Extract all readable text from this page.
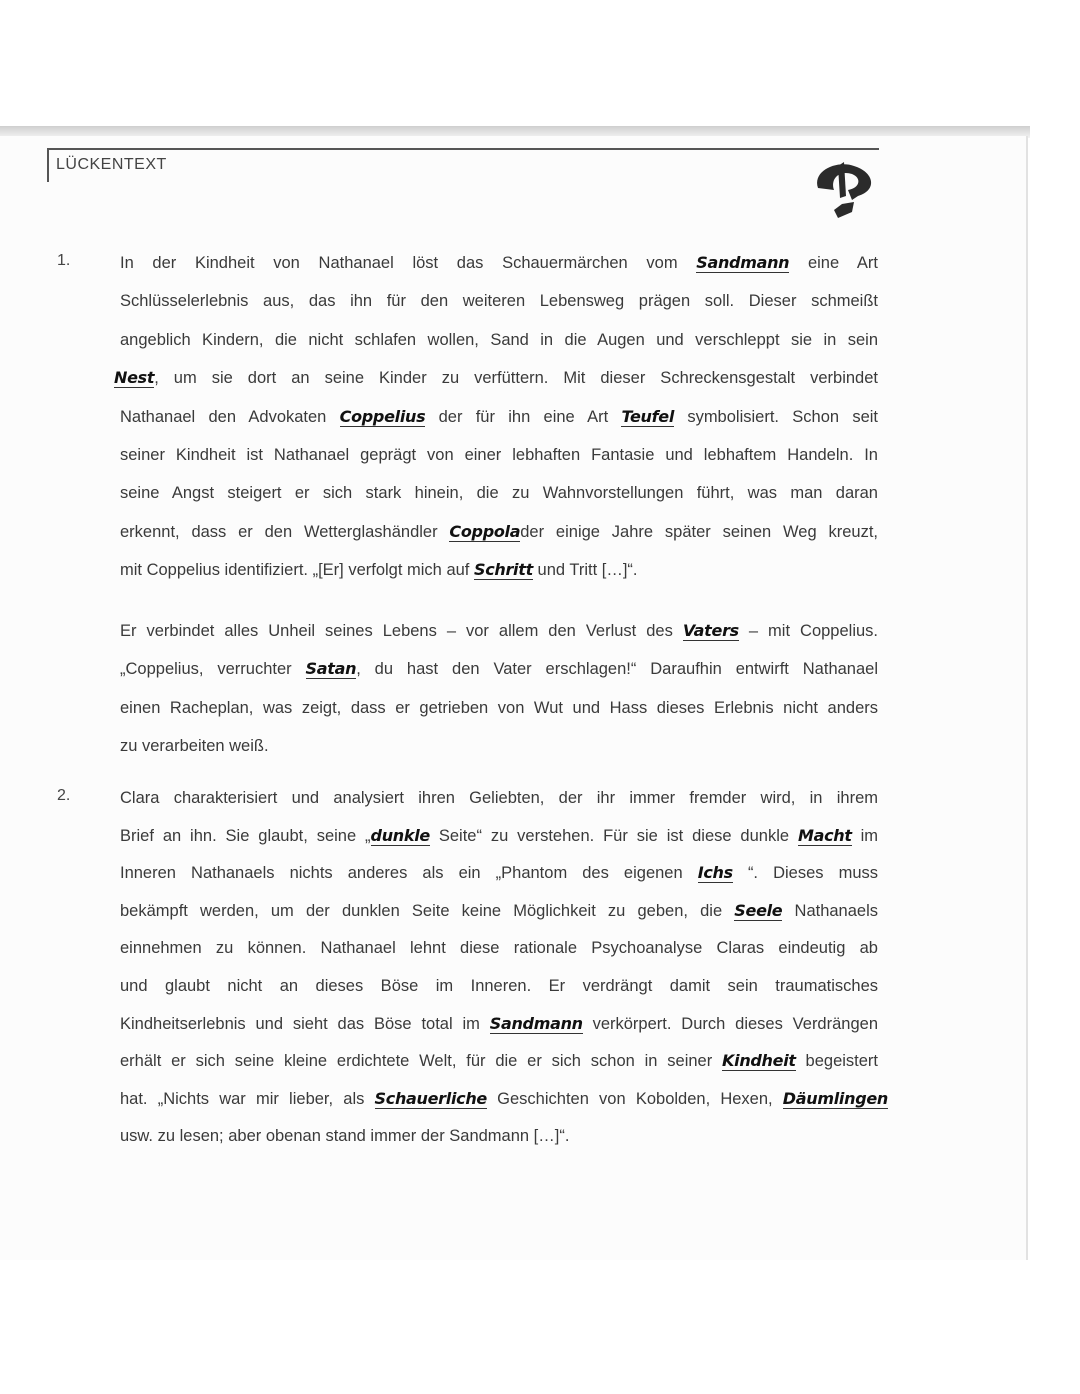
LÜCKENTEXT
1.	In der Kindheit von Nathanael löst das Schauermärchen vom Sandmann eine Art
Schlüsselerlebnis aus, das ihn für den weiteren Lebensweg prägen soll. Dieser schmeißt
angeblich Kindern, die nicht schlafen wollen, Sand in die Augen und verschleppt sie in sein
Nest, um sie dort an seine Kinder zu verfüttern. Mit dieser Schreckensgestalt verbindet
Nathanael den Advokaten Coppelius der für ihn eine Art Teufel symbolisiert. Schon seit
seiner Kindheit ist Nathanael geprägt von einer lebhaften Fantasie und lebhaftem Handeln. In
seine Angst steigert er sich stark hinein, die zu Wahnvorstellungen führt, was man daran
erkennt, dass er den Wetterglashändler Coppolader einige Jahre später seinen Weg kreuzt,
mit Coppelius identifiziert. „[Er] verfolgt mich auf Schritt und Tritt […]“.
Er verbindet alles Unheil seines Lebens – vor allem den Verlust des Vaters – mit Coppelius.
„Coppelius, verruchter Satan, du hast den Vater erschlagen!“ Daraufhin entwirft Nathanael
einen Racheplan, was zeigt, dass er getrieben von Wut und Hass dieses Erlebnis nicht anders
zu verarbeiten weiß.
2.	Clara charakterisiert und analysiert ihren Geliebten, der ihr immer fremder wird, in ihrem
Brief an ihn. Sie glaubt, seine „dunkle Seite“ zu verstehen. Für sie ist diese dunkle Macht im
Inneren Nathanaels nichts anderes als ein „Phantom des eigenen Ichs “. Dieses muss
bekämpft werden, um der dunklen Seite keine Möglichkeit zu geben, die Seele Nathanaels
einnehmen zu können. Nathanael lehnt diese rationale Psychoanalyse Claras eindeutig ab
und glaubt nicht an dieses Böse im Inneren. Er verdrängt damit sein traumatisches
Kindheitserlebnis und sieht das Böse total im Sandmann verkörpert. Durch dieses Verdrängen
erhält er sich seine kleine erdichtete Welt, für die er sich schon in seiner Kindheit begeistert
hat. „Nichts war mir lieber, als Schauerliche Geschichten von Kobolden, Hexen, Däumlingen
usw. zu lesen; aber obenan stand immer der Sandmann […]“.
